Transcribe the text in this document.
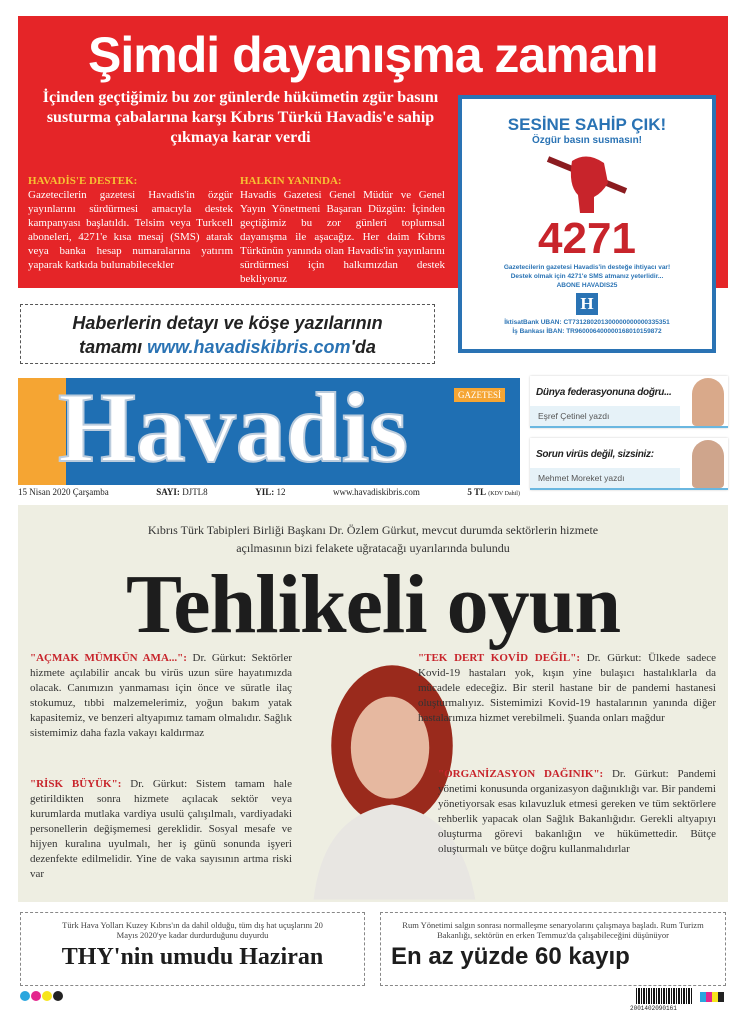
Şimdi dayanışma zamanı
İçinden geçtiğimiz bu zor günlerde hükümetin zgür basını susturma çabalarına karşı Kıbrıs Türkü Havadis'e sahip çıkmaya karar verdi
HAVADİS'E DESTEK:

Gazetecilerin gazetesi Havadis'in özgür yayınlarını sürdürmesi amacıyla destek kampanyası başlatıldı. Telsim veya Turkcell aboneleri, 4271'e kısa mesaj (SMS) atarak veya banka hesap numaralarına yatırım yaparak katkıda bulunabilecekler

HALKIN YANINDA:

Havadis Gazetesi Genel Müdür ve Genel Yayın Yönetmeni Başaran Düzgün: İçinden geçtiğimiz bu zor günleri toplumsal dayanışma ile aşacağız. Her daim Kıbrıs Türkünün yanında olan Havadis'in yayınlarını sürdürmesi için halkımızdan destek bekliyoruz

SESİNE SAHİP ÇIK!
Özgür basın susmasın!
4271
Gazetecilerin gazetesi Havadis'in desteğe ihtiyacı var!
Destek olmak için 4271'e SMS atmanız yeterlidir...
ABONE HAVADIS25
H
İktisatBank UBAN: CT731280201300000000000335351
İş Bankası İBAN: TR960006400000168010159872
Haberlerin detayı ve köşe yazılarının
tamamı www.havadiskibris.com'da
Havadis	GAZETESİ
15 Nisan 2020 Çarşamba	SAYI: DJTL8	YIL: 12	www.havadiskibris.com	5 TL (KDV Dahil)
Eşref Çetinel yazdı
Dünya federasyonuna doğru...
Mehmet Moreket yazdı
Sorun virüs değil, sizsiniz:
Kıbrıs Türk Tabipleri Birliği Başkanı Dr. Özlem Gürkut, mevcut durumda sektörlerin hizmete açılmasının bizi felakete uğratacağı uyarılarında bulundu
Tehlikeli oyun
"AÇMAK MÜMKÜN AMA...": Dr. Gürkut: Sektörler hizmete açılabilir ancak bu virüs uzun süre hayatımızda olacak. Canımızın yanmaması için önce ve süratle ilaç stokumuz, tıbbi malzemelerimiz, yoğun bakım yatak kapasitemiz, ve benzeri altyapımız tamam olmalıdır. Sağlık sistemimiz daha fazla vakayı kaldırmaz
"RİSK BÜYÜK": Dr. Gürkut: Sistem tamam hale getirildikten sonra hizmete açılacak sektör veya kurumlarda mutlaka vardiya usulü çalışılmalı, vardiyadaki personellerin değişmemesi gereklidir. Sosyal mesafe ve hijyen kuralına uyulmalı, her iş günü sonunda işyeri dezenfekte edilmelidir. Yine de vaka sayısının artma riski var
"TEK DERT KOVİD DEĞİL": Dr. Gürkut: Ülkede sadece Kovid-19 hastaları yok, kışın yine bulaşıcı hastalıklarla da mücadele edeceğiz. Bir steril hastane bir de pandemi hastanesi oluşturmalıyız. Sistemimizi Kovid-19 hastalarının yanında diğer hastalarımıza hizmet verebilmeli. Şuanda onları mağdur
"ORGANİZASYON DAĞINIK": Dr. Gürkut: Pandemi yönetimi konusunda organizasyon dağınıklığı var. Bir pandemi yönetiyorsak esas kılavuzluk etmesi gereken ve tüm sektörlere rehberlik yapacak olan Sağlık Bakanlığıdır. Gerekli altyapıyı oluşturma görevi bakanlığın ve hükümettedir. Bütçe oluşturmalı ve bütçe doğru kullanmalıdırlar
Türk Hava Yolları Kuzey Kıbrıs'ın da dahil olduğu, tüm dış hat uçuşlarını 20 Mayıs 2020'ye kadar durdurduğunu duyurdu
THY'nin umudu Haziran
Rum Yönetimi salgın sonrası normalleşme senaryolarını çalışmaya başladı. Rum Turizm Bakanlığı, sektörün en erken Temmuz'da çalışabileceğini düşünüyor
En az yüzde 60 kayıp
2001402090161
